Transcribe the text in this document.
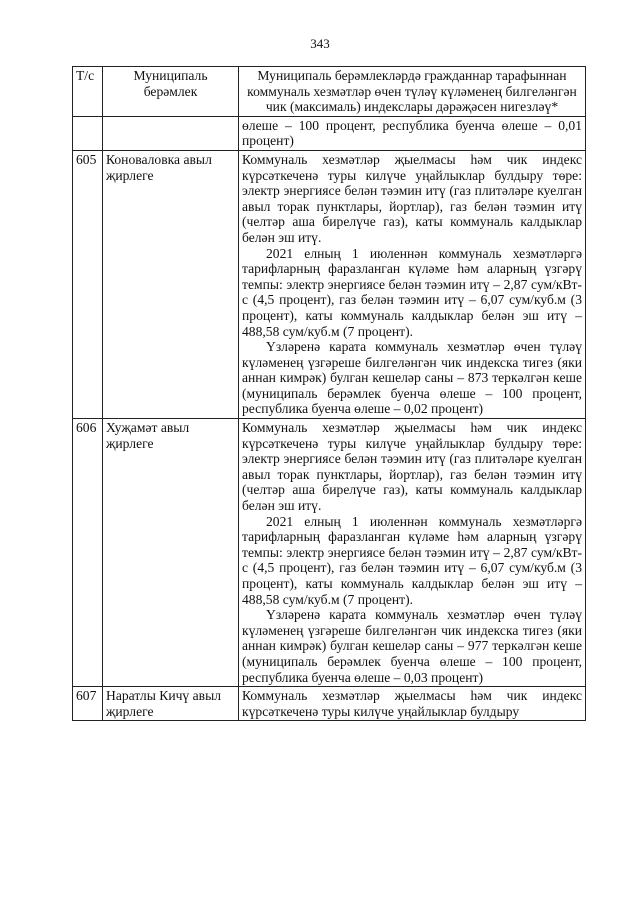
343
Т/с	Муниципаль берәмлек	Муниципаль берәмлекләрдә гражданнар тарафыннан коммуналь хезмәтләр өчен түләү күләменең билгеләнгән чик (максималь) индекслары дәрәҗәсен нигезләү*

		өлеше – 100 процент, республика буенча өлеше – 0,01 процент)

605	Коноваловка авыл җирлеге	Коммуналь хезмәтләр җыелмасы һәм чик индекс күрсәткеченә туры килүче уңайлыклар булдыру төре: электр энергиясе белән тәэмин итү (газ плитәләре куелган авыл торак пунктлары, йортлар), газ белән тәэмин итү (челтәр аша бирелүче газ), каты коммуналь калдыклар белән эш итү.

2021 елның 1 июленнән коммуналь хезмәтләргә тарифларның фаразланган күләме һәм аларның үзгәрү темпы: электр энергиясе белән тәэмин итү – 2,87 сум/кВт-с (4,5 процент), газ белән тәэмин итү – 6,07 сум/куб.м (3 процент), каты коммуналь калдыклар белән эш итү – 488,58 сум/куб.м (7 процент).

Үзләренә карата коммуналь хезмәтләр өчен түләү күләменең үзгәреше билгеләнгән чик индекска тигез (яки аннан кимрәк) булган кешеләр саны – 873 теркәлгән кеше (муниципаль берәмлек буенча өлеше – 100 процент, республика буенча өлеше – 0,02 процент)

606	Хуҗамәт авыл җирлеге	Коммуналь хезмәтләр җыелмасы һәм чик индекс күрсәткеченә туры килүче уңайлыклар булдыру төре: электр энергиясе белән тәэмин итү (газ плитәләре куелган авыл торак пунктлары, йортлар), газ белән тәэмин итү (челтәр аша бирелүче газ), каты коммуналь калдыклар белән эш итү.

2021 елның 1 июленнән коммуналь хезмәтләргә тарифларның фаразланган күләме һәм аларның үзгәрү темпы: электр энергиясе белән тәэмин итү – 2,87 сум/кВт-с (4,5 процент), газ белән тәэмин итү – 6,07 сум/куб.м (3 процент), каты коммуналь калдыклар белән эш итү – 488,58 сум/куб.м (7 процент).

Үзләренә карата коммуналь хезмәтләр өчен түләү күләменең үзгәреше билгеләнгән чик индекска тигез (яки аннан кимрәк) булган кешеләр саны – 977 теркәлгән кеше (муниципаль берәмлек буенча өлеше – 100 процент, республика буенча өлеше – 0,03 процент)

607	Наратлы Кичү авыл җирлеге	Коммуналь хезмәтләр җыелмасы һәм чик индекс күрсәткеченә туры килүче уңайлыклар булдыру
